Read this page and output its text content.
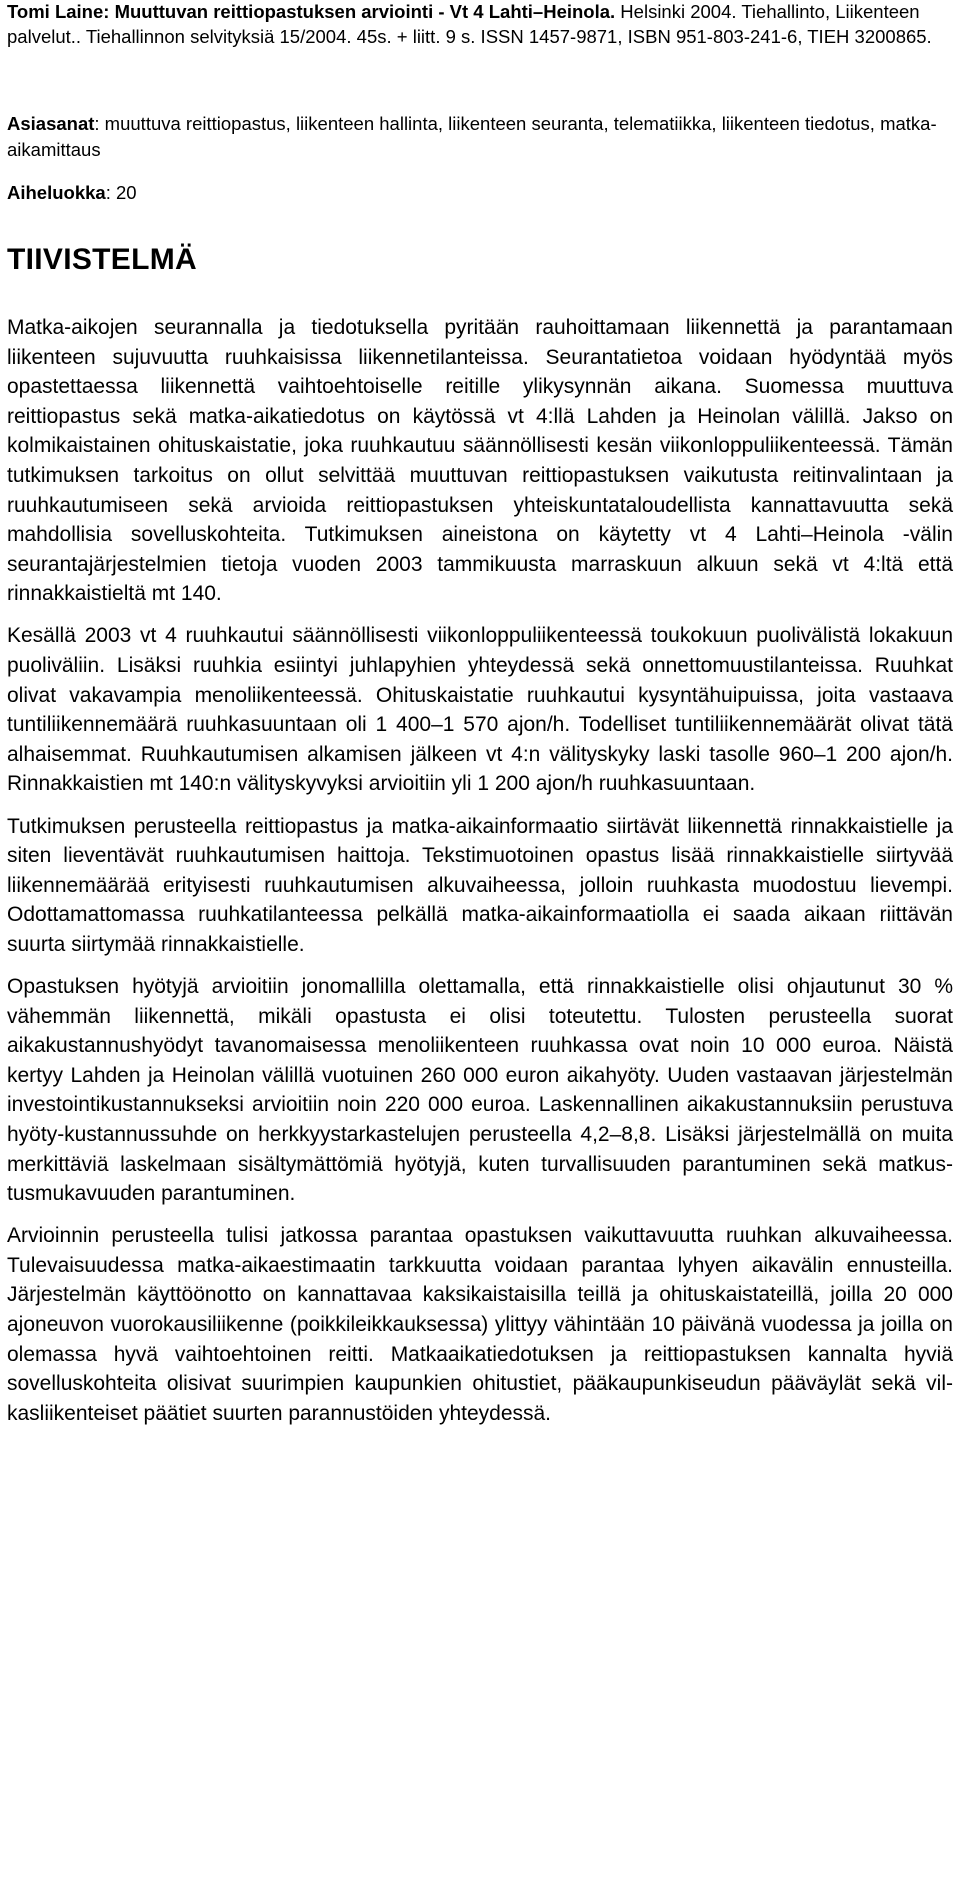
Tomi Laine: Muuttuvan reittiopastuksen arviointi - Vt 4 Lahti–Heinola. Helsinki 2004. Tiehallinto, Liikenteen palvelut.. Tiehallinnon selvityksiä 15/2004. 45s. + liitt. 9 s. ISSN 1457-9871, ISBN 951-803-241-6, TIEH 3200865.

Asiasanat: muuttuva reittiopastus, liikenteen hallinta, liikenteen seuranta, telematiikka, liikenteen tiedotus, matka-aikamittaus

Aiheluokka: 20

TIIVISTELMÄ

Matka-aikojen seurannalla ja tiedotuksella pyritään rauhoittamaan liikennettä ja parantamaan liikenteen sujuvuutta ruuhkaisissa liikennetilanteissa. Seurantatietoa voidaan hyödyntää myös opastettaessa liikennettä vaihtoehtoiselle reitille ylikysynnän aikana. Suomessa muuttuva reittiopastus sekä matka-aikatiedotus on käytössä vt 4:llä Lahden ja Heinolan välillä. Jakso on kolmikaistainen ohituskaistatie, joka ruuhkautuu säännöllisesti kesän viikonloppuliikenteessä. Tämän tutkimuksen tarkoitus on ollut selvittää muuttuvan reittiopastuksen vaikutusta reitinvalintaan ja ruuhkautumiseen sekä arvioida reittiopastuksen yhteiskuntataloudellista kannattavuutta sekä mahdollisia sovelluskohteita. Tutkimuksen aineistona on käytetty vt 4 Lahti–Heinola -välin seurantajärjestelmien tietoja vuoden 2003 tammikuusta marraskuun alkuun sekä vt 4:ltä että rinnakkaistieltä mt 140.

Kesällä 2003 vt 4 ruuhkautui säännöllisesti viikonloppuliikenteessä toukokuun puolivälistä lokakuun puoliväliin. Lisäksi ruuhkia esiintyi juhlapyhien yhteydessä sekä onnettomuustilanteissa. Ruuhkat olivat vakavampia menoliikenteessä. Ohituskaistatie ruuhkautui kysyntähuipuissa, joita vastaava tuntiliikennemäärä ruuhkasuuntaan oli 1 400–1 570 ajon/h. Todelliset tuntiliikennemäärät olivat tätä alhaisemmat. Ruuhkautumisen alkamisen jälkeen vt 4:n välityskyky laski tasolle 960–1 200 ajon/h. Rinnakkaistien mt 140:n välityskyvyksi arvioitiin yli 1 200 ajon/h ruuhkasuuntaan.

Tutkimuksen perusteella reittiopastus ja matka-aikainformaatio siirtävät liikennettä rinnakkaistielle ja siten lieventävät ruuhkautumisen haittoja. Tekstimuotoinen opastus lisää rinnakkaistielle siirtyvää liikennemäärää erityisesti ruuhkautumisen alkuvaiheessa, jolloin ruuhkasta muodostuu lievempi. Odottamattomassa ruuhkatilanteessa pelkällä matka-aikainformaatiolla ei saada aikaan riittävän suurta siirtymää rinnakkaistielle.

Opastuksen hyötyjä arvioitiin jonomallilla olettamalla, että rinnakkaistielle olisi ohjautunut 30 % vähemmän liikennettä, mikäli opastusta ei olisi toteutettu. Tulosten perusteella suorat aikakustannushyödyt tavanomaisessa menoliikenteen ruuhkassa ovat noin 10 000 euroa. Näistä kertyy Lahden ja Heinolan välillä vuotuinen 260 000 euron aikahyöty. Uuden vastaavan järjestelmän investointikustannukseksi arvioitiin noin 220 000 euroa. Laskennallinen aikakustannuksiin perustuva hyöty-kustannussuhde on herkkyystarkastelujen perusteella 4,2–8,8. Lisäksi järjestelmällä on muita merkittäviä laskelmaan sisältymättömiä hyötyjä, kuten turvallisuuden parantuminen sekä matkustusmukavuuden parantuminen.

Arvioinnin perusteella tulisi jatkossa parantaa opastuksen vaikuttavuutta ruuhkan alkuvaiheessa. Tulevaisuudessa matka-aikaestimaatin tarkkuutta voidaan parantaa lyhyen aikavälin ennusteilla. Järjestelmän käyttöönotto on kannattavaa kaksikaistaisilla teillä ja ohituskaistateillä, joilla 20 000 ajoneuvon vuorokausiliikenne (poikkileikkauksessa) ylittyy vähintään 10 päivänä vuodessa ja joilla on olemassa hyvä vaihtoehtoinen reitti. Matkaaikatiedotuksen ja reittiopastuksen kannalta hyviä sovelluskohteita olisivat suurimpien kaupunkien ohitustiet, pääkaupunkiseudun pääväylät sekä vilkasliikenteiset päätiet suurten parannustöiden yhteydessä.
